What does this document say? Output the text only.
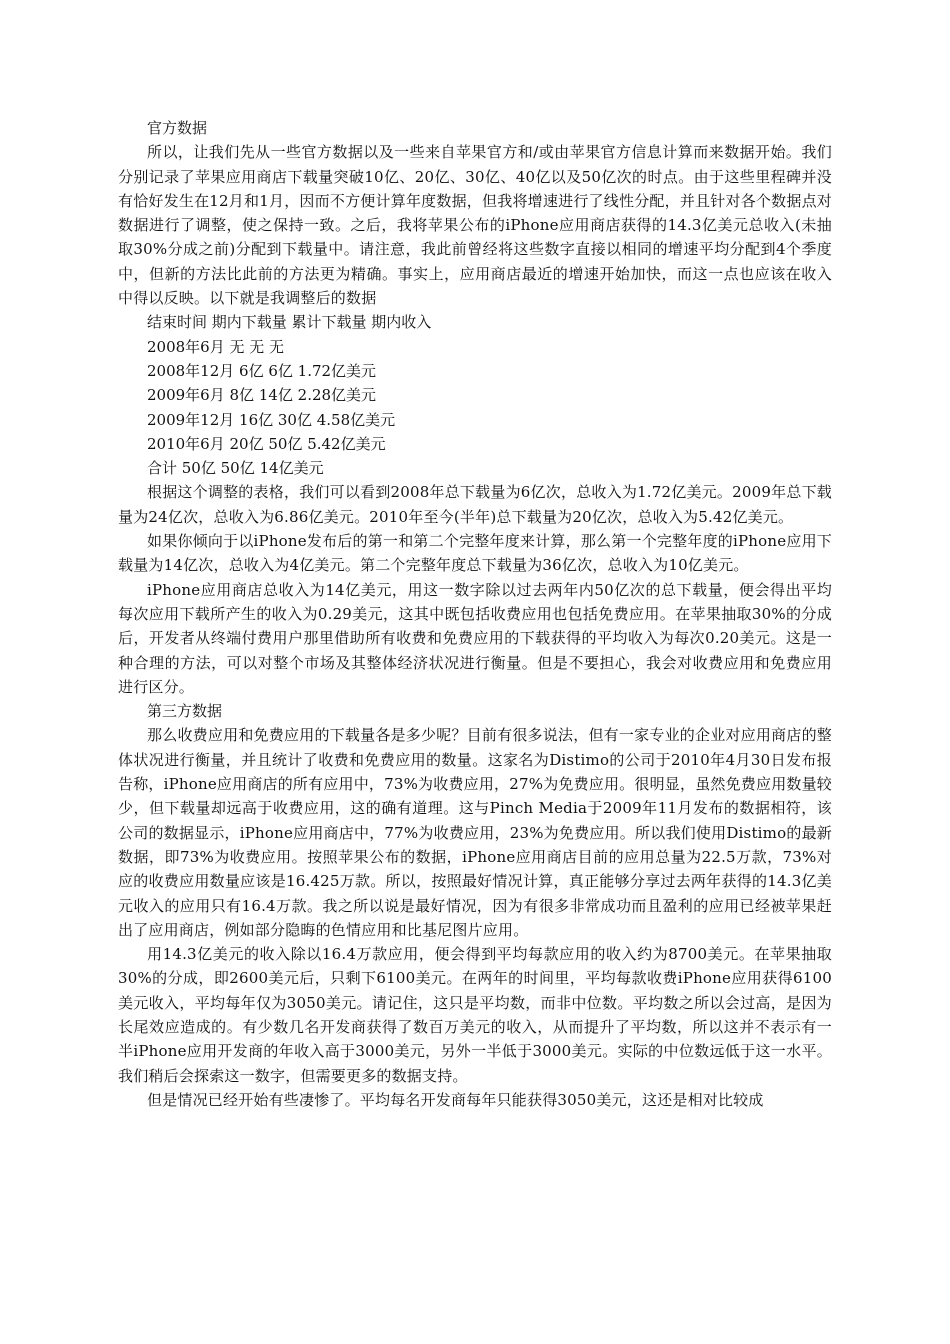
官方数据

所以，让我们先从一些官方数据以及一些来自苹果官方和/或由苹果官方信息计算而来数据开始。我们分别记录了苹果应用商店下载量突破10亿、20亿、30亿、40亿以及50亿次的时点。由于这些里程碑并没有恰好发生在12月和1月，因而不方便计算年度数据，但我将增速进行了线性分配，并且针对各个数据点对数据进行了调整，使之保持一致。之后，我将苹果公布的iPhone应用商店获得的14.3亿美元总收入(未抽取30%分成之前)分配到下载量中。请注意，我此前曾经将这些数字直接以相同的增速平均分配到4个季度中，但新的方法比此前的方法更为精确。事实上，应用商店最近的增速开始加快，而这一点也应该在收入中得以反映。以下就是我调整后的数据

结束时间 期内下载量 累计下载量 期内收入

2008年6月 无 无 无

2008年12月 6亿 6亿 1.72亿美元

2009年6月 8亿 14亿 2.28亿美元

2009年12月 16亿 30亿 4.58亿美元

2010年6月 20亿 50亿 5.42亿美元

合计 50亿 50亿 14亿美元

根据这个调整的表格，我们可以看到2008年总下载量为6亿次，总收入为1.72亿美元。2009年总下载量为24亿次，总收入为6.86亿美元。2010年至今(半年)总下载量为20亿次，总收入为5.42亿美元。

如果你倾向于以iPhone发布后的第一和第二个完整年度来计算，那么第一个完整年度的iPhone应用下载量为14亿次，总收入为4亿美元。第二个完整年度总下载量为36亿次，总收入为10亿美元。

iPhone应用商店总收入为14亿美元，用这一数字除以过去两年内50亿次的总下载量，便会得出平均每次应用下载所产生的收入为0.29美元，这其中既包括收费应用也包括免费应用。在苹果抽取30%的分成后，开发者从终端付费用户那里借助所有收费和免费应用的下载获得的平均收入为每次0.20美元。这是一种合理的方法，可以对整个市场及其整体经济状况进行衡量。但是不要担心，我会对收费应用和免费应用进行区分。

第三方数据

那么收费应用和免费应用的下载量各是多少呢？目前有很多说法，但有一家专业的企业对应用商店的整体状况进行衡量，并且统计了收费和免费应用的数量。这家名为Distimo的公司于2010年4月30日发布报告称，iPhone应用商店的所有应用中，73%为收费应用，27%为免费应用。很明显，虽然免费应用数量较少，但下载量却远高于收费应用，这的确有道理。这与Pinch Media于2009年11月发布的数据相符，该公司的数据显示，iPhone应用商店中，77%为收费应用，23%为免费应用。所以我们使用Distimo的最新数据，即73%为收费应用。按照苹果公布的数据，iPhone应用商店目前的应用总量为22.5万款，73%对应的收费应用数量应该是16.425万款。所以，按照最好情况计算，真正能够分享过去两年获得的14.3亿美元收入的应用只有16.4万款。我之所以说是最好情况，因为有很多非常成功而且盈利的应用已经被苹果赶出了应用商店，例如部分隐晦的色情应用和比基尼图片应用。

用14.3亿美元的收入除以16.4万款应用，便会得到平均每款应用的收入约为8700美元。在苹果抽取30%的分成，即2600美元后，只剩下6100美元。在两年的时间里，平均每款收费iPhone应用获得6100美元收入，平均每年仅为3050美元。请记住，这只是平均数，而非中位数。平均数之所以会过高，是因为长尾效应造成的。有少数几名开发商获得了数百万美元的收入，从而提升了平均数，所以这并不表示有一半iPhone应用开发商的年收入高于3000美元，另外一半低于3000美元。实际的中位数远低于这一水平。我们稍后会探索这一数字，但需要更多的数据支持。

但是情况已经开始有些凄惨了。平均每名开发商每年只能获得3050美元，这还是相对比较成
